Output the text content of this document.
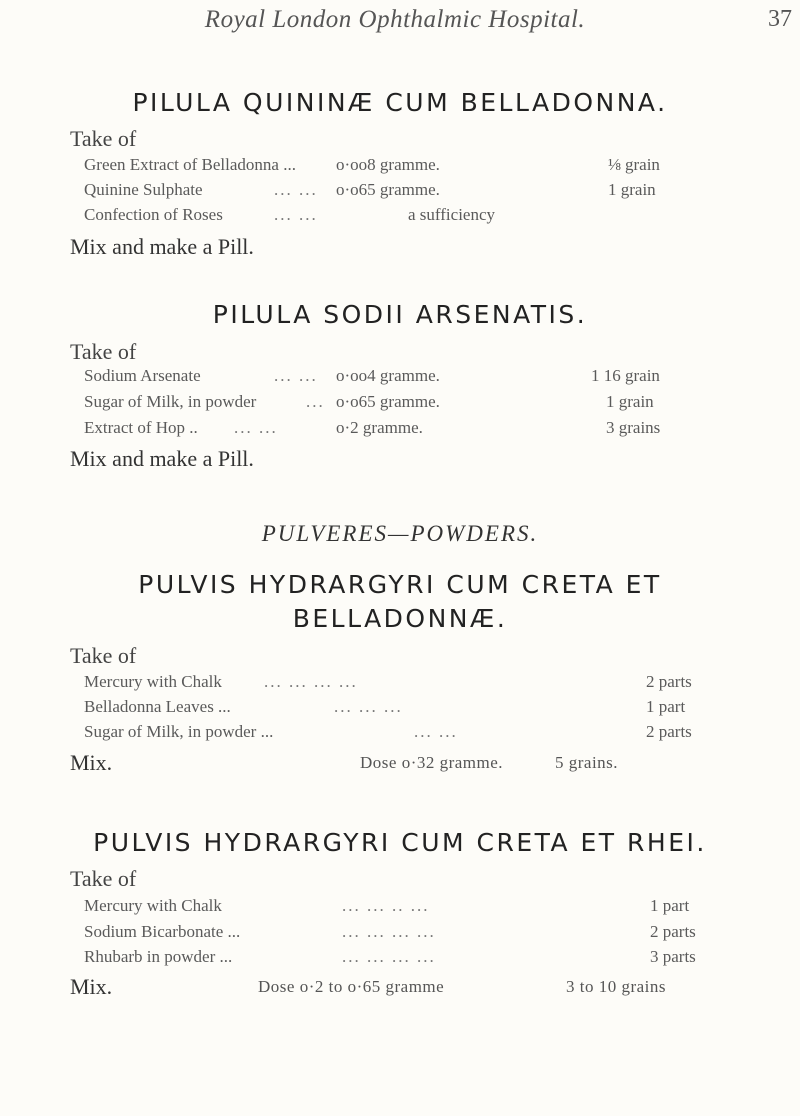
Royal London Ophthalmic Hospital.	37
PILULA QUININÆ CUM BELLADONNA.
Take of
Green Extract of Belladonna ... o·oo8 gramme.	⅛ grain
Quinine Sulphate	... ... o·o65 gramme.	1 grain
Confection of Roses	... ...	a sufficiency
Mix and make a Pill.
PILULA SODII ARSENATIS.
Take of
Sodium Arsenate	... ... o·oo4 gramme.	1 16 grain
Sugar of Milk, in powder	... o·o65 gramme.	1 grain
Extract of Hop .. ... ...	o·2 gramme.	3 grains
Mix and make a Pill.
PULVERES—POWDERS.
PULVIS HYDRARGYRI CUM CRETA ET
BELLADONNÆ.
Take of
Mercury with Chalk ... ... ... ...	2 parts
Belladonna Leaves ...	... ... ...	1 part
Sugar of Milk, in powder ...	... ...	2 parts
Mix.	Dose o·32 gramme.	5 grains.
PULVIS HYDRARGYRI CUM CRETA ET RHEI.
Take of
Mercury with Chalk	... ... .. ...	1 part
Sodium Bicarbonate ...	... ... ... ...	2 parts
Rhubarb in powder ...	... ... ... ...	3 parts
Mix.	Dose o·2 to o·65 gramme	3 to 10 grains
